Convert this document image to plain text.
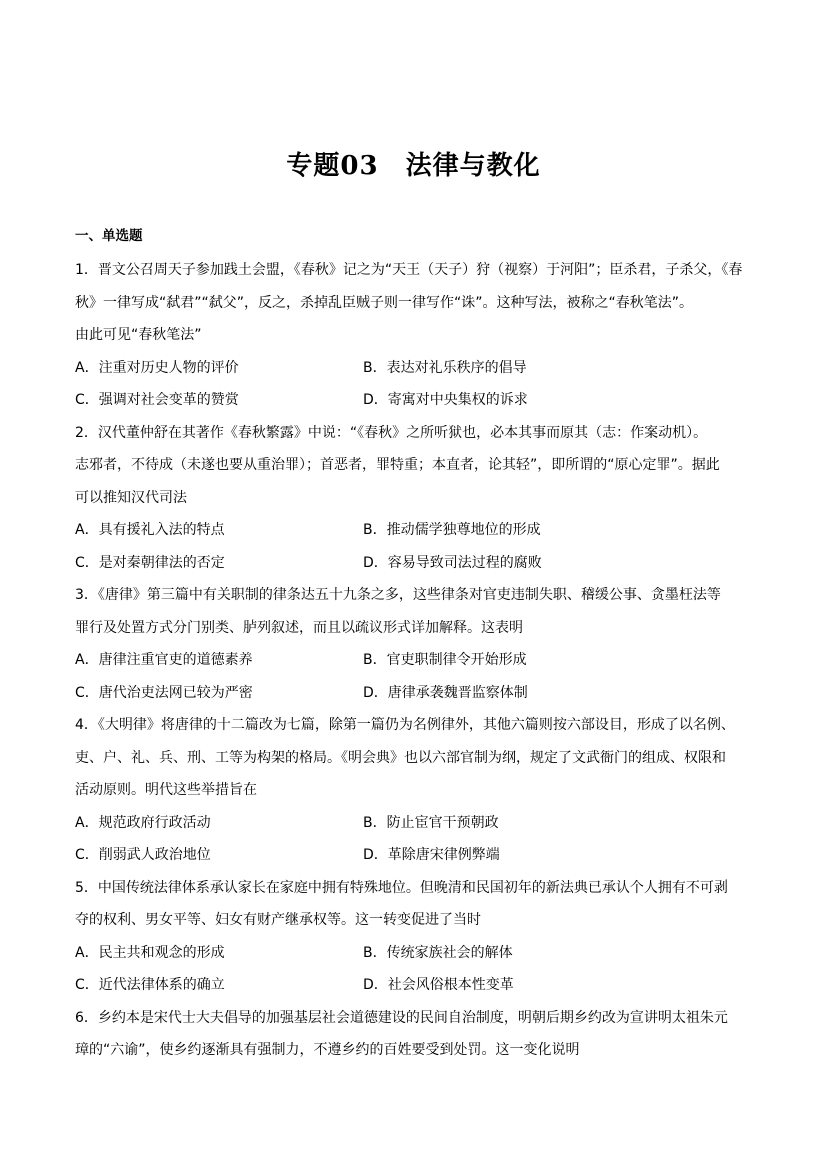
专题03　法律与教化
一、单选题
1．晋文公召周天子参加践土会盟，《春秋》记之为“天王（天子）狩（视察）于河阳”；臣杀君，子杀父，《春
秋》一律写成“弑君”“弑父”，反之，杀掉乱臣贼子则一律写作“诛”。这种写法，被称之“春秋笔法”。
由此可见“春秋笔法”
A．注重对历史人物的评价	B．表达对礼乐秩序的倡导
C．强调对社会变革的赞赏	D．寄寓对中央集权的诉求
2．汉代董仲舒在其著作《春秋繁露》中说：“《春秋》之所听狱也，必本其事而原其（志：作案动机）。
志邪者，不待成（未遂也要从重治罪）；首恶者，罪特重；本直者，论其轻”，即所谓的“原心定罪”。据此
可以推知汉代司法
A．具有援礼入法的特点	B．推动儒学独尊地位的形成
C．是对秦朝律法的否定	D．容易导致司法过程的腐败
3．《唐律》第三篇中有关职制的律条达五十九条之多，这些律条对官吏违制失职、稽缓公事、贪墨枉法等
罪行及处置方式分门别类、胪列叙述，而且以疏议形式详加解释。这表明
A．唐律注重官吏的道德素养	B．官吏职制律令开始形成
C．唐代治吏法网已较为严密	D．唐律承袭魏晋监察体制
4．《大明律》将唐律的十二篇改为七篇，除第一篇仍为名例律外，其他六篇则按六部设目，形成了以名例、
吏、户、礼、兵、刑、工等为构架的格局。《明会典》也以六部官制为纲，规定了文武衙门的组成、权限和
活动原则。明代这些举措旨在
A．规范政府行政活动	B．防止宦官干预朝政
C．削弱武人政治地位	D．革除唐宋律例弊端
5．中国传统法律体系承认家长在家庭中拥有特殊地位。但晚清和民国初年的新法典已承认个人拥有不可剥
夺的权利、男女平等、妇女有财产继承权等。这一转变促进了当时
A．民主共和观念的形成	B．传统家族社会的解体
C．近代法律体系的确立	D．社会风俗根本性变革
6．乡约本是宋代士大夫倡导的加强基层社会道德建设的民间自治制度，明朝后期乡约改为宣讲明太祖朱元
璋的“六谕”，使乡约逐渐具有强制力，不遵乡约的百姓要受到处罚。这一变化说明
